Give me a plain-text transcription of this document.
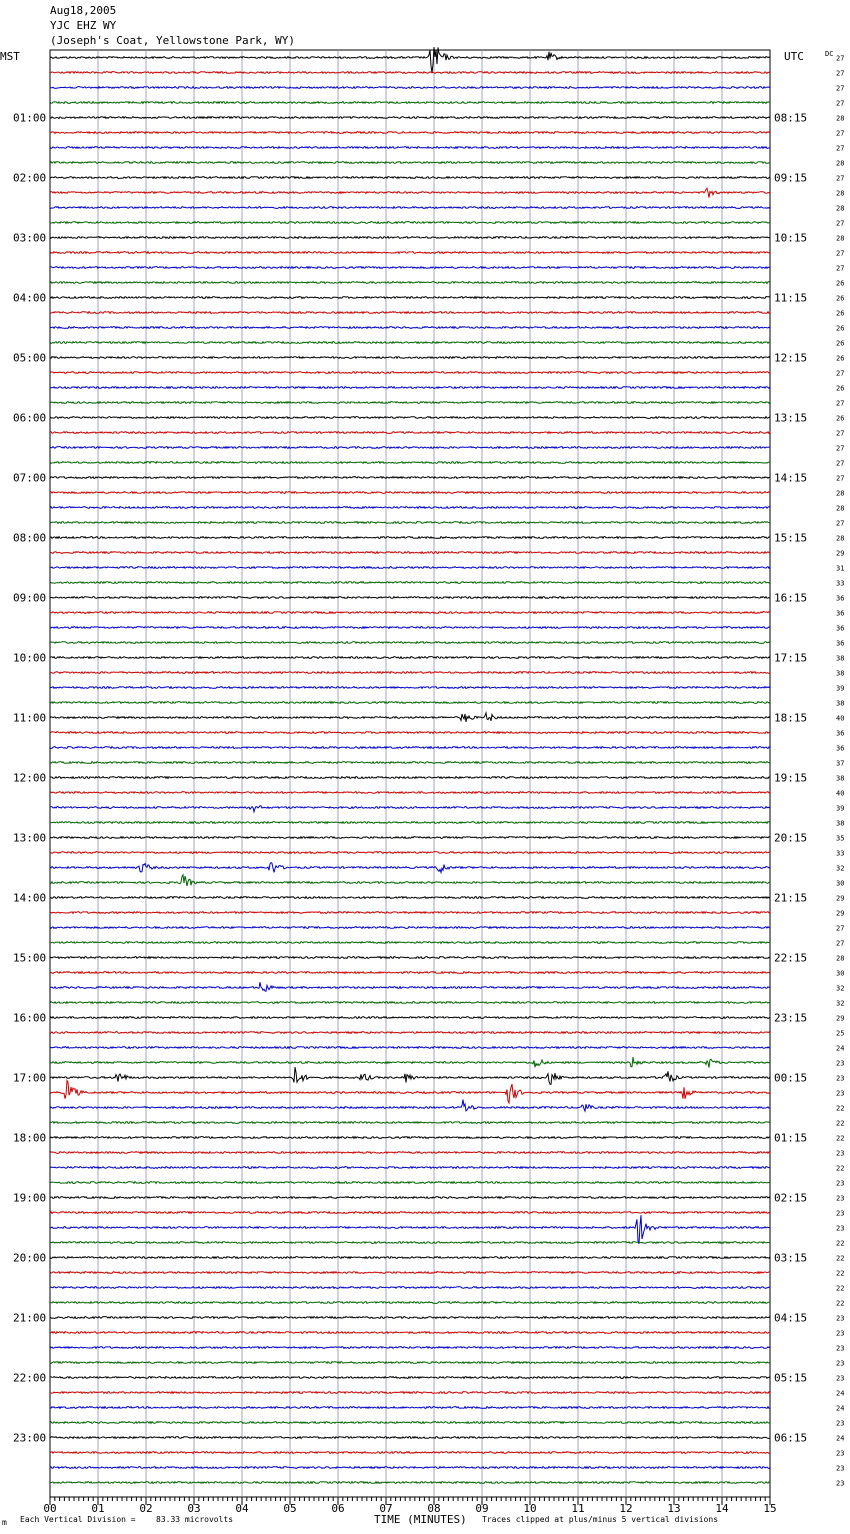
Aug18,2005
YJC EHZ WY
(Joseph's Coat, Yellowstone Park, WY)
00	01	02	03	04	05	06	07	08	09	10	11	12	13	14	15
27
27
27
27
28
27
27
28
27
28
28
27
28
27
27
26
26
26
26
26
26
27
26
27
26
27
27
27
27
28
28
27
28
29
31
33
36
36
36
36
38
38
39
38
40
36
36
37
38
40
39
38
35
33
32
30
29
29
27
27
28
30
32
32
29
25
24
23
23
23
22
22
22
23
22
23
23
23
23
22
22
22
22
22
23
23
23
23
23
24
24
23
24
23
23
23
01:00
02:00
03:00
04:00
05:00
06:00
07:00
08:00
09:00
10:00
11:00
12:00
13:00
14:00
15:00
16:00
17:00
18:00
19:00
20:00
21:00
22:00
23:00
08:15
09:15
10:15
11:15
12:15
13:15
14:15
15:15
16:15
17:15
18:15
19:15
20:15
21:15
22:15
23:15
00:15
01:15
02:15
03:15
04:15
05:15
06:15
MST	UTC	DC
TIME (MINUTES)
Each Vertical Division =	83.33 microvolts	Traces clipped at plus/minus 5 vertical divisions
m
